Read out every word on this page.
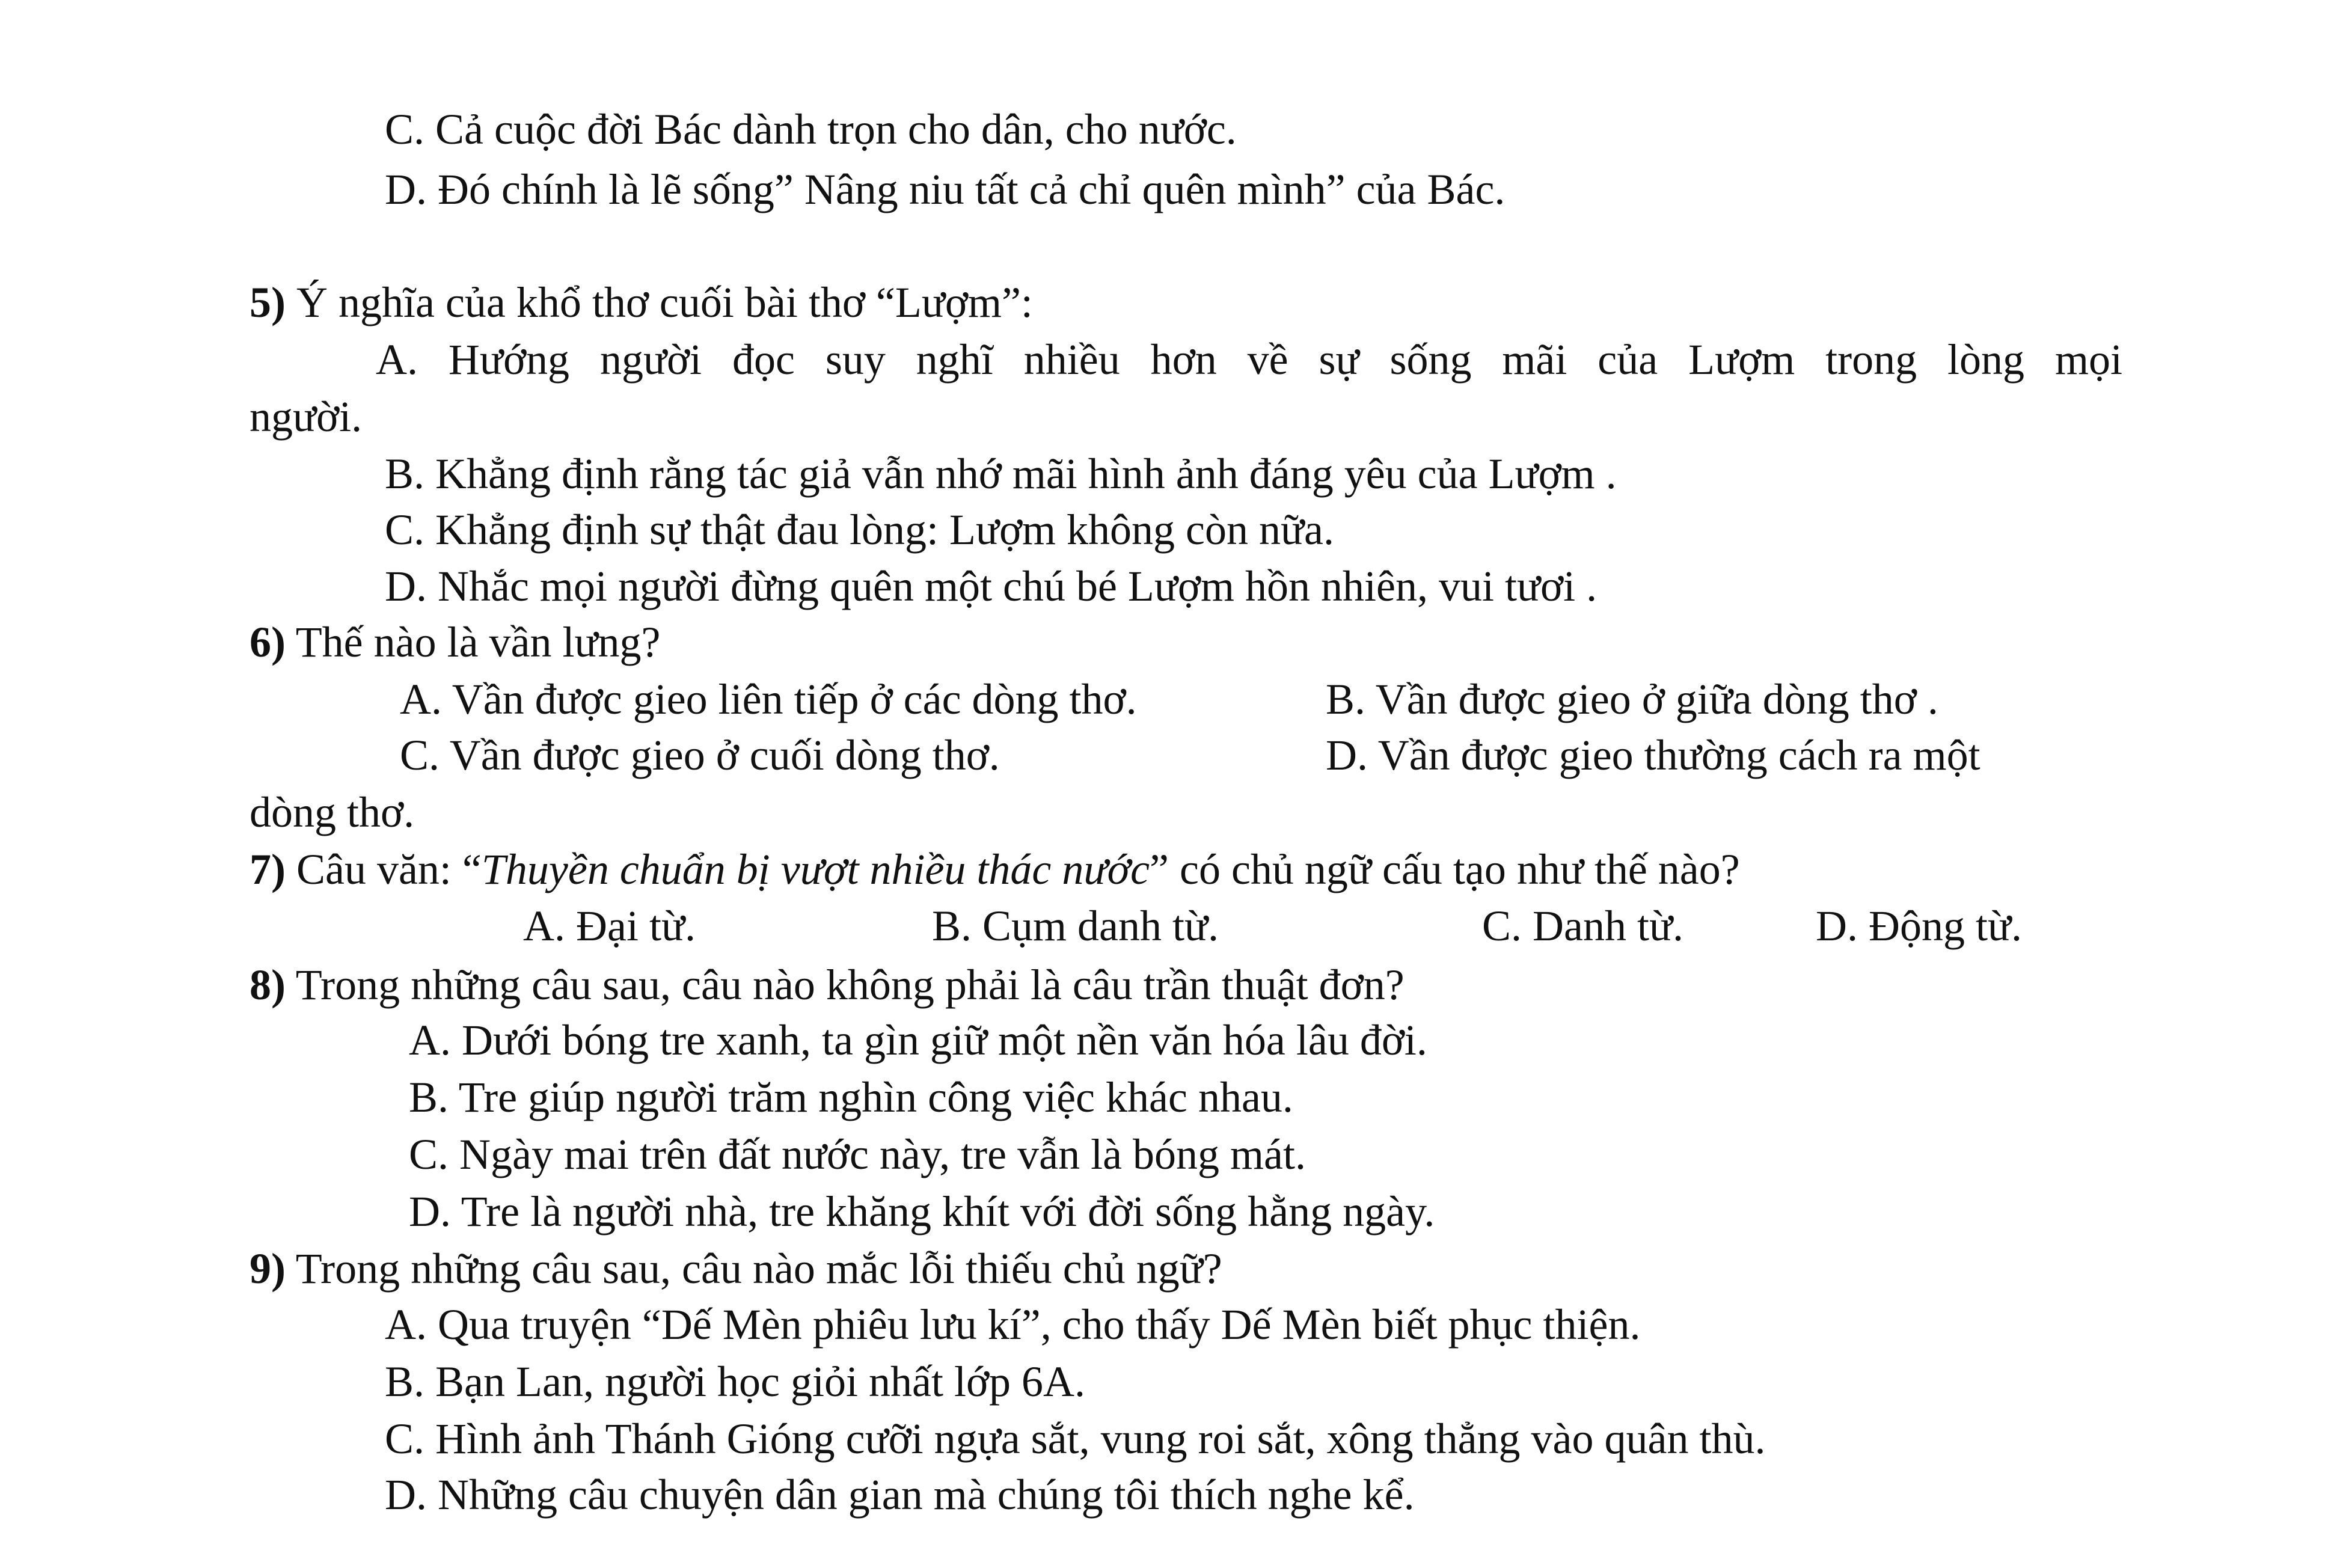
C. Cả cuộc đời Bác dành trọn cho dân, cho nước.
D. Đó chính là lẽ sống” Nâng niu tất cả chỉ quên mình” của Bác.
5) Ý nghĩa của khổ thơ cuối bài thơ “Lượm”:
A. Hướng người đọc suy nghĩ nhiều hơn về sự sống mãi của Lượm trong lòng mọi
người.
B. Khẳng định rằng tác giả vẫn nhớ mãi hình ảnh đáng yêu của Lượm .
C. Khẳng định sự thật đau lòng: Lượm không còn nữa.
D. Nhắc mọi người đừng quên một chú bé Lượm hồn nhiên, vui tươi .
6) Thế nào là vần lưng?
A. Vần được gieo liên tiếp ở các dòng thơ.	B. Vần được gieo ở giữa dòng thơ .
C. Vần được gieo ở cuối dòng thơ.	D. Vần được gieo thường cách ra một
dòng thơ.
7) Câu văn: “Thuyền chuẩn bị vượt nhiều thác nước” có chủ ngữ cấu tạo như thế nào?
A. Đại từ.	B. Cụm danh từ.	C. Danh từ.	D. Động từ.
8) Trong những câu sau, câu nào không phải là câu trần thuật đơn?
A. Dưới bóng tre xanh, ta gìn giữ một nền văn hóa lâu đời.
B. Tre giúp người trăm nghìn công việc khác nhau.
C. Ngày mai trên đất nước này, tre vẫn là bóng mát.
D. Tre là người nhà, tre khăng khít với đời sống hằng ngày.
9) Trong những câu sau, câu nào mắc lỗi thiếu chủ ngữ?
A. Qua truyện “Dế Mèn phiêu lưu kí”, cho thấy Dế Mèn biết phục thiện.
B. Bạn Lan, người học giỏi nhất lớp 6A.
C. Hình ảnh Thánh Gióng cưỡi ngựa sắt, vung roi sắt, xông thẳng vào quân thù.
D. Những câu chuyện dân gian mà chúng tôi thích nghe kể.
